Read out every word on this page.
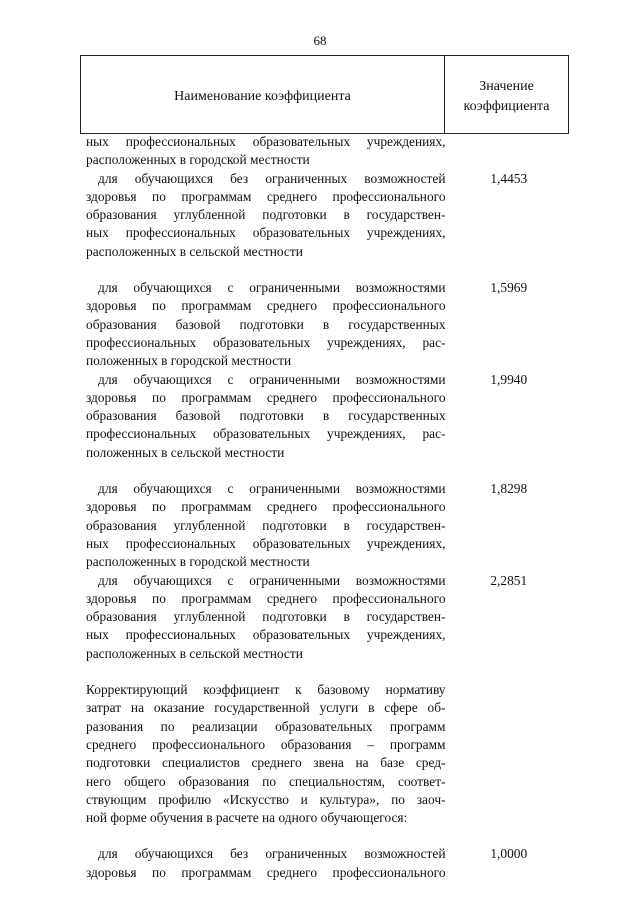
68
Наименование коэффициента
Значение
коэффициента
ных профессиональных образовательных учреждениях,
расположенных в городской местности
для обучающихся без ограниченных возможностей
здоровья по программам среднего профессионального
образования углубленной подготовки в государствен-
ных профессиональных образовательных учреждениях,
расположенных в сельской местности
1,4453
для обучающихся с ограниченными возможностями
здоровья по программам среднего профессионального
образования базовой подготовки в государственных
профессиональных образовательных учреждениях, рас-
положенных в городской местности
1,5969
для обучающихся с ограниченными возможностями
здоровья по программам среднего профессионального
образования базовой подготовки в государственных
профессиональных образовательных учреждениях, рас-
положенных в сельской местности
1,9940
для обучающихся с ограниченными возможностями
здоровья по программам среднего профессионального
образования углубленной подготовки в государствен-
ных профессиональных образовательных учреждениях,
расположенных в городской местности
1,8298
для обучающихся с ограниченными возможностями
здоровья по программам среднего профессионального
образования углубленной подготовки в государствен-
ных профессиональных образовательных учреждениях,
расположенных в сельской местности
2,2851
Корректирующий коэффициент к базовому нормативу
затрат на оказание государственной услуги в сфере об-
разования по реализации образовательных программ
среднего профессионального образования – программ
подготовки специалистов среднего звена на базе сред-
него общего образования по специальностям, соответ-
ствующим профилю «Искусство и культура», по заоч-
ной форме обучения в расчете на одного обучающегося:
для обучающихся без ограниченных возможностей
здоровья по программам среднего профессионального
1,0000
